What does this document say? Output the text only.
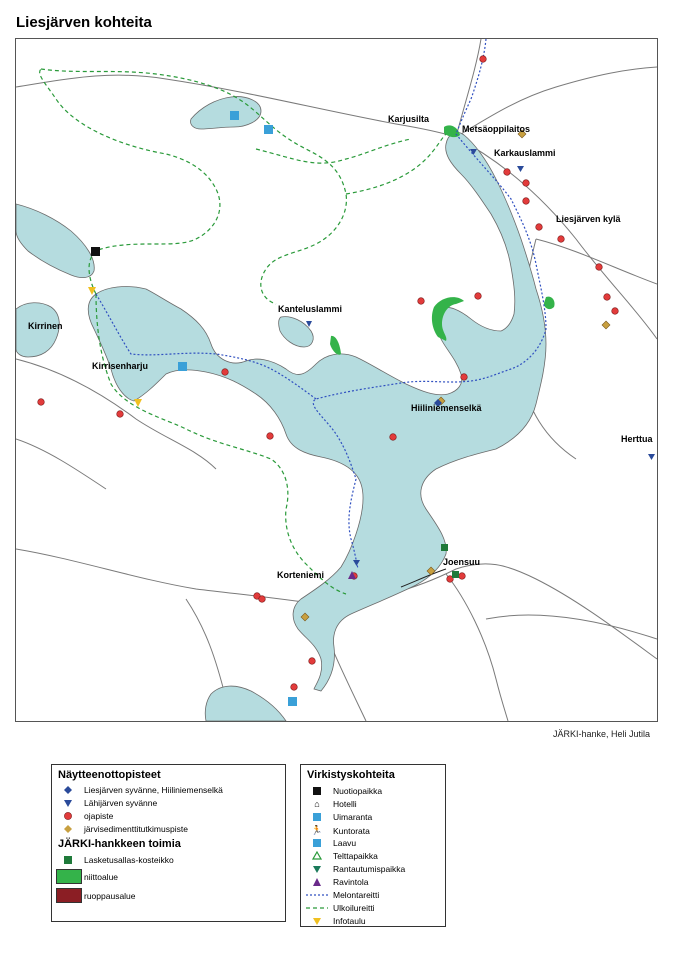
Liesjärven kohteita
Karjusilta
Metsäoppilaitos
Karkauslammi
Liesjärven kylä
Kirrinen
Kanteluslammi
Kirrisenharju
Hiiliniemenselkä
Herttua
Joensuu
Korteniemi
JÄRKI-hanke, Heli Jutila
Näytteenottopisteet
Liesjärven syvänne, Hiiliniemenselkä
Lähijärven syvänne
ojapiste
järvisedimenttitutkimuspiste
JÄRKI-hankkeen toimia
Lasketusallas-kosteikko
niittoalue
ruoppausalue
Virkistyskohteita
Nuotiopaikka
⌂ Hotelli
Uimaranta
🏃 Kuntorata
Laavu
Telttapaikka
Rantautumispaikka
Ravintola
Melontareitti
Ulkoilureitti
Infotaulu
